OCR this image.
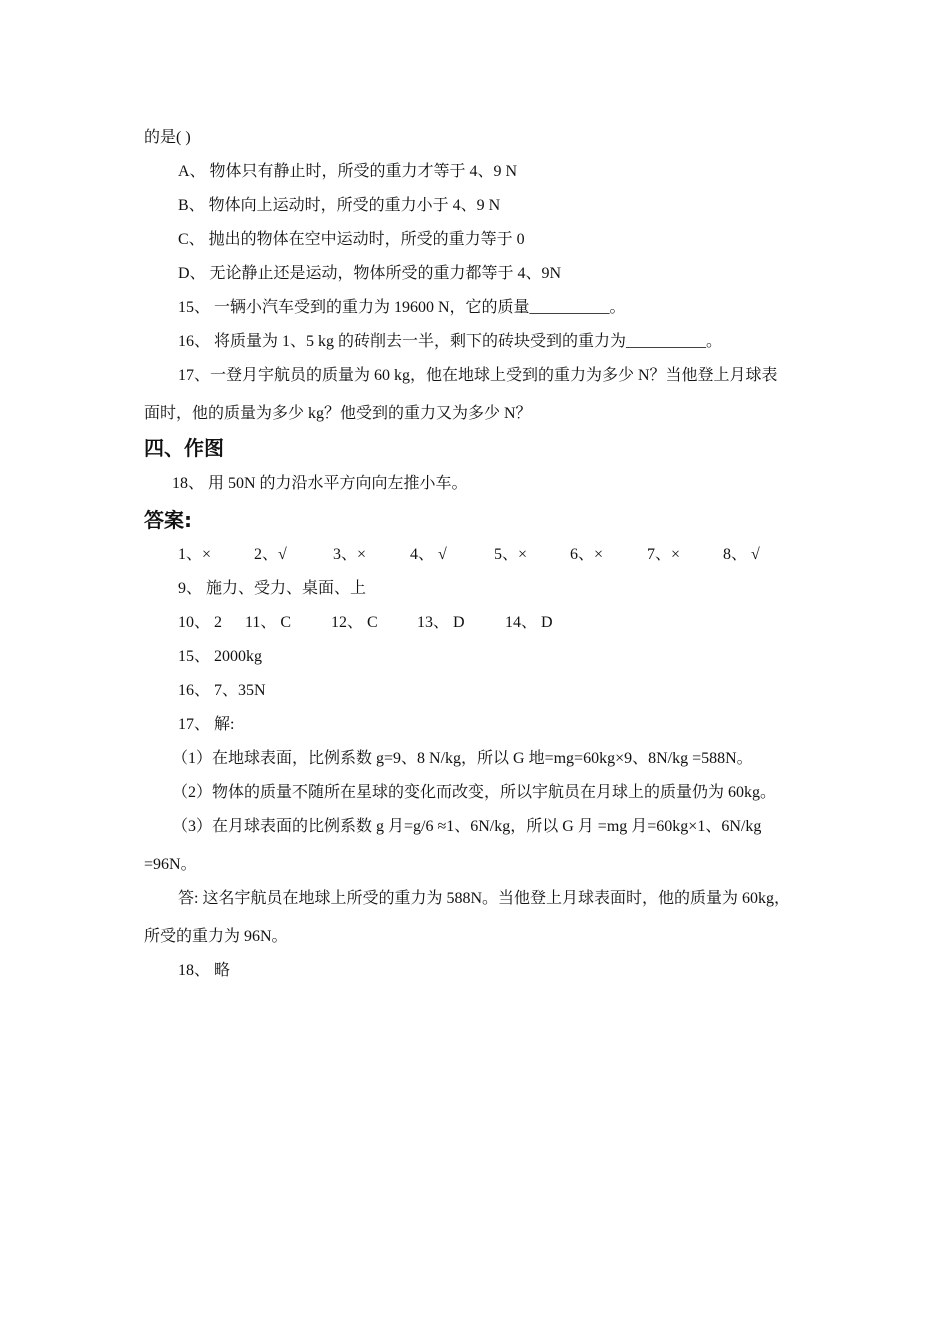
的是( )
A、 物体只有静止时，所受的重力才等于 4、9 N
B、 物体向上运动时，所受的重力小于 4、9 N
C、 抛出的物体在空中运动时，所受的重力等于 0
D、 无论静止还是运动，物体所受的重力都等于 4、9N
15、 一辆小汽车受到的重力为 19600 N，它的质量__________。
16、 将质量为 1、5 kg 的砖削去一半，剩下的砖块受到的重力为__________。
17、一登月宇航员的质量为 60 kg，他在地球上受到的重力为多少 N？当他登上月球表
面时，他的质量为多少 kg？他受到的重力又为多少 N？
四、作图
18、 用 50N 的力沿水平方向向左推小车。
答案:
1、×	2、√	3、×	4、 √	5、×	6、×	7、×	8、 √
9、 施力、受力、桌面、上
10、 2 11、 C 12、 C 13、 D	14、 D
15、 2000kg
16、 7、35N
17、 解:
（1）在地球表面，比例系数 g=9、8 N/kg，所以 G 地=mg=60kg×9、8N/kg =588N。
（2）物体的质量不随所在星球的变化而改变，所以宇航员在月球上的质量仍为 60kg。
（3）在月球表面的比例系数 g 月=g/6 ≈1、6N/kg，所以 G 月 =mg 月=60kg×1、6N/kg
=96N。
答: 这名宇航员在地球上所受的重力为 588N。当他登上月球表面时，他的质量为 60kg，
所受的重力为 96N。
18、 略
